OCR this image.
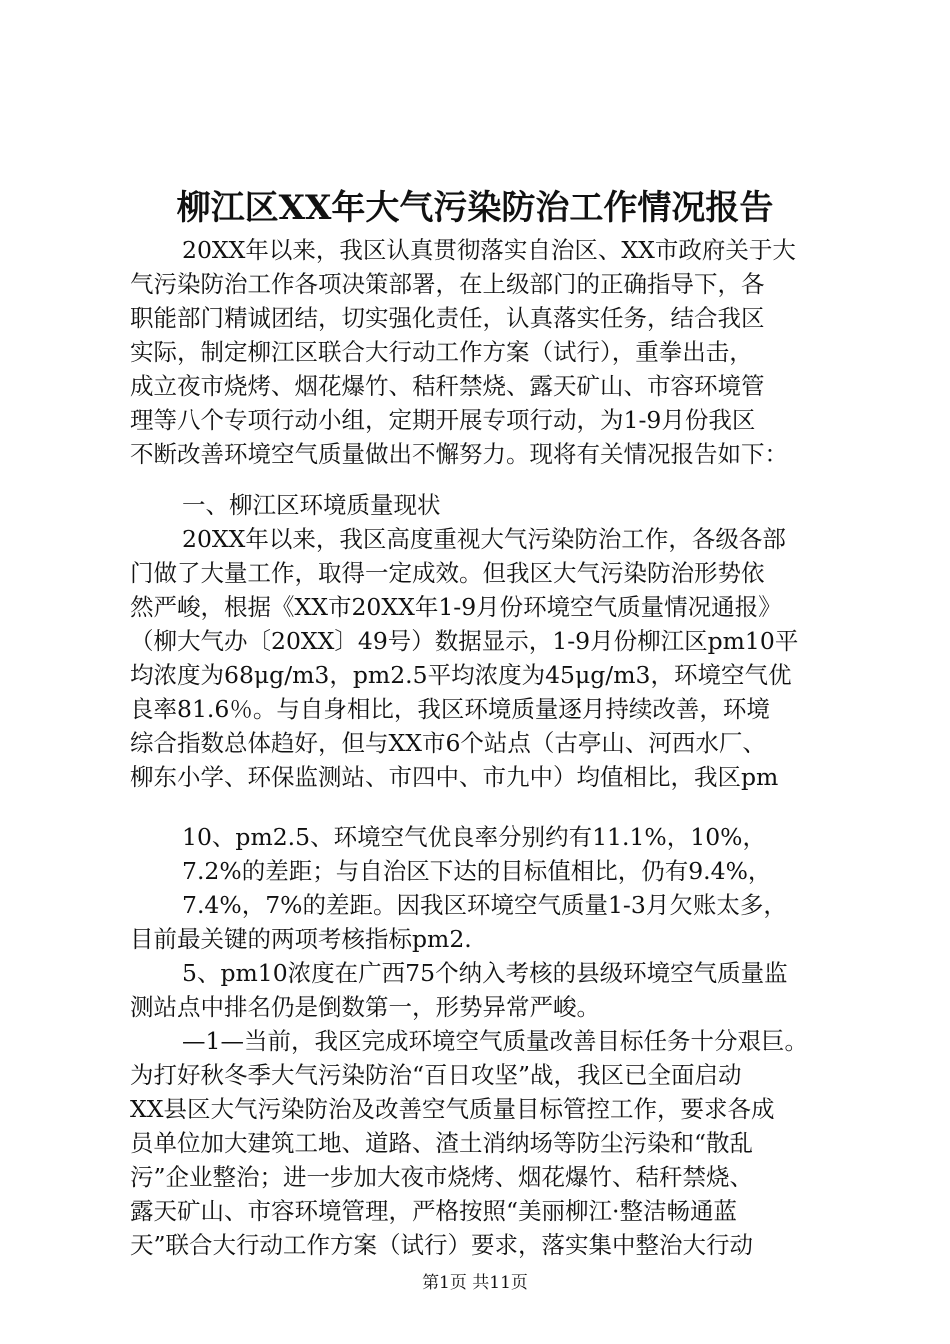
柳江区XX年大气污染防治工作情况报告
20XX年以来，我区认真贯彻落实自治区、XX市政府关于大
气污染防治工作各项决策部署，在上级部门的正确指导下，各
职能部门精诚团结，切实强化责任，认真落实任务，结合我区
实际，制定柳江区联合大行动工作方案（试行），重拳出击，
成立夜市烧烤、烟花爆竹、秸秆禁烧、露天矿山、市容环境管
理等八个专项行动小组，定期开展专项行动，为1-9月份我区
不断改善环境空气质量做出不懈努力。现将有关情况报告如下：
一、柳江区环境质量现状
20XX年以来，我区高度重视大气污染防治工作，各级各部
门做了大量工作，取得一定成效。但我区大气污染防治形势依
然严峻，根据《XX市20XX年1-9月份环境空气质量情况通报》
（柳大气办〔20XX〕49号）数据显示，1-9月份柳江区pm10平
均浓度为68μg/m3，pm2.5平均浓度为45μg/m3，环境空气优
良率81.6％。与自身相比，我区环境质量逐月持续改善，环境
综合指数总体趋好，但与XX市6个站点（古亭山、河西水厂、
柳东小学、环保监测站、市四中、市九中）均值相比，我区pm
10、pm2.5、环境空气优良率分别约有11.1%，10%，
7.2%的差距；与自治区下达的目标值相比，仍有9.4%，
7.4%，7%的差距。因我区环境空气质量1-3月欠账太多，
目前最关键的两项考核指标pm2.
5、pm10浓度在广西75个纳入考核的县级环境空气质量监
测站点中排名仍是倒数第一，形势异常严峻。
—1—当前，我区完成环境空气质量改善目标任务十分艰巨。
为打好秋冬季大气污染防治“百日攻坚”战，我区已全面启动
XX县区大气污染防治及改善空气质量目标管控工作，要求各成
员单位加大建筑工地、道路、渣土消纳场等防尘污染和“散乱
污”企业整治；进一步加大夜市烧烤、烟花爆竹、秸秆禁烧、
露天矿山、市容环境管理，严格按照“美丽柳江·整洁畅通蓝
天”联合大行动工作方案（试行）要求，落实集中整治大行动
第1页 共11页
